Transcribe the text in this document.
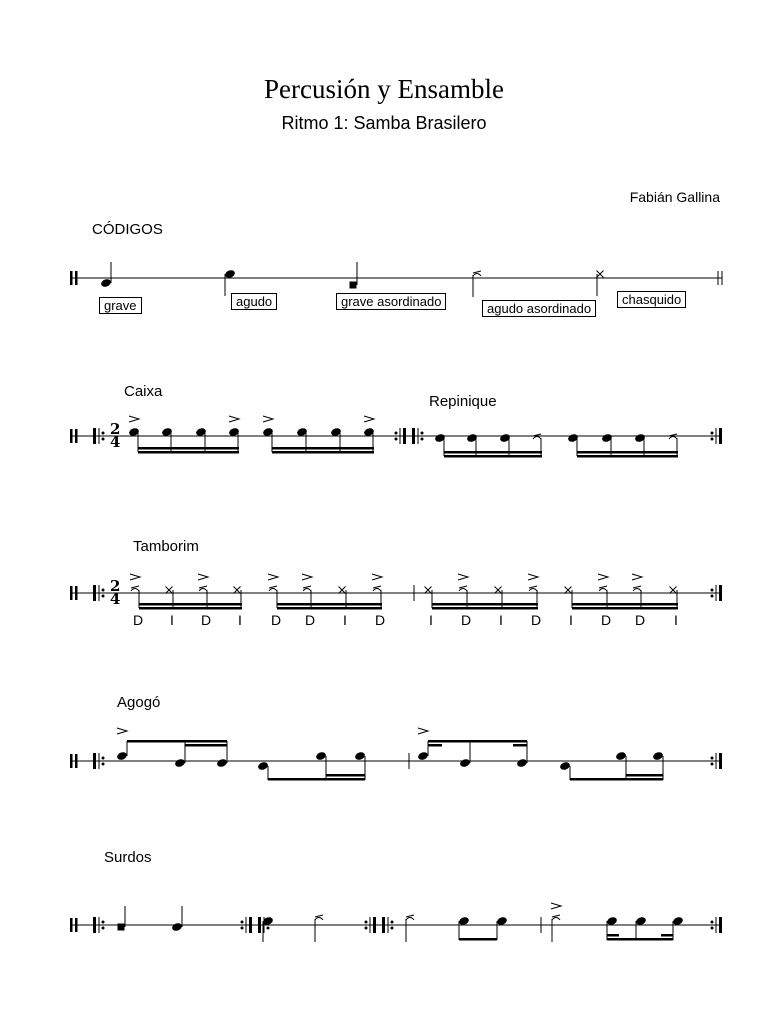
Percusión y Ensamble
Ritmo 1: Samba Brasilero
Fabián Gallina
CÓDIGOS
grave	agudo	grave asordinado	agudo asordinado
chasquido
Caixa
Repinique
Tamborim
Agogó
Surdos
D	I	D	I	D D	I	D	I	D	I	D	I	D D	I
2
4
2
4
